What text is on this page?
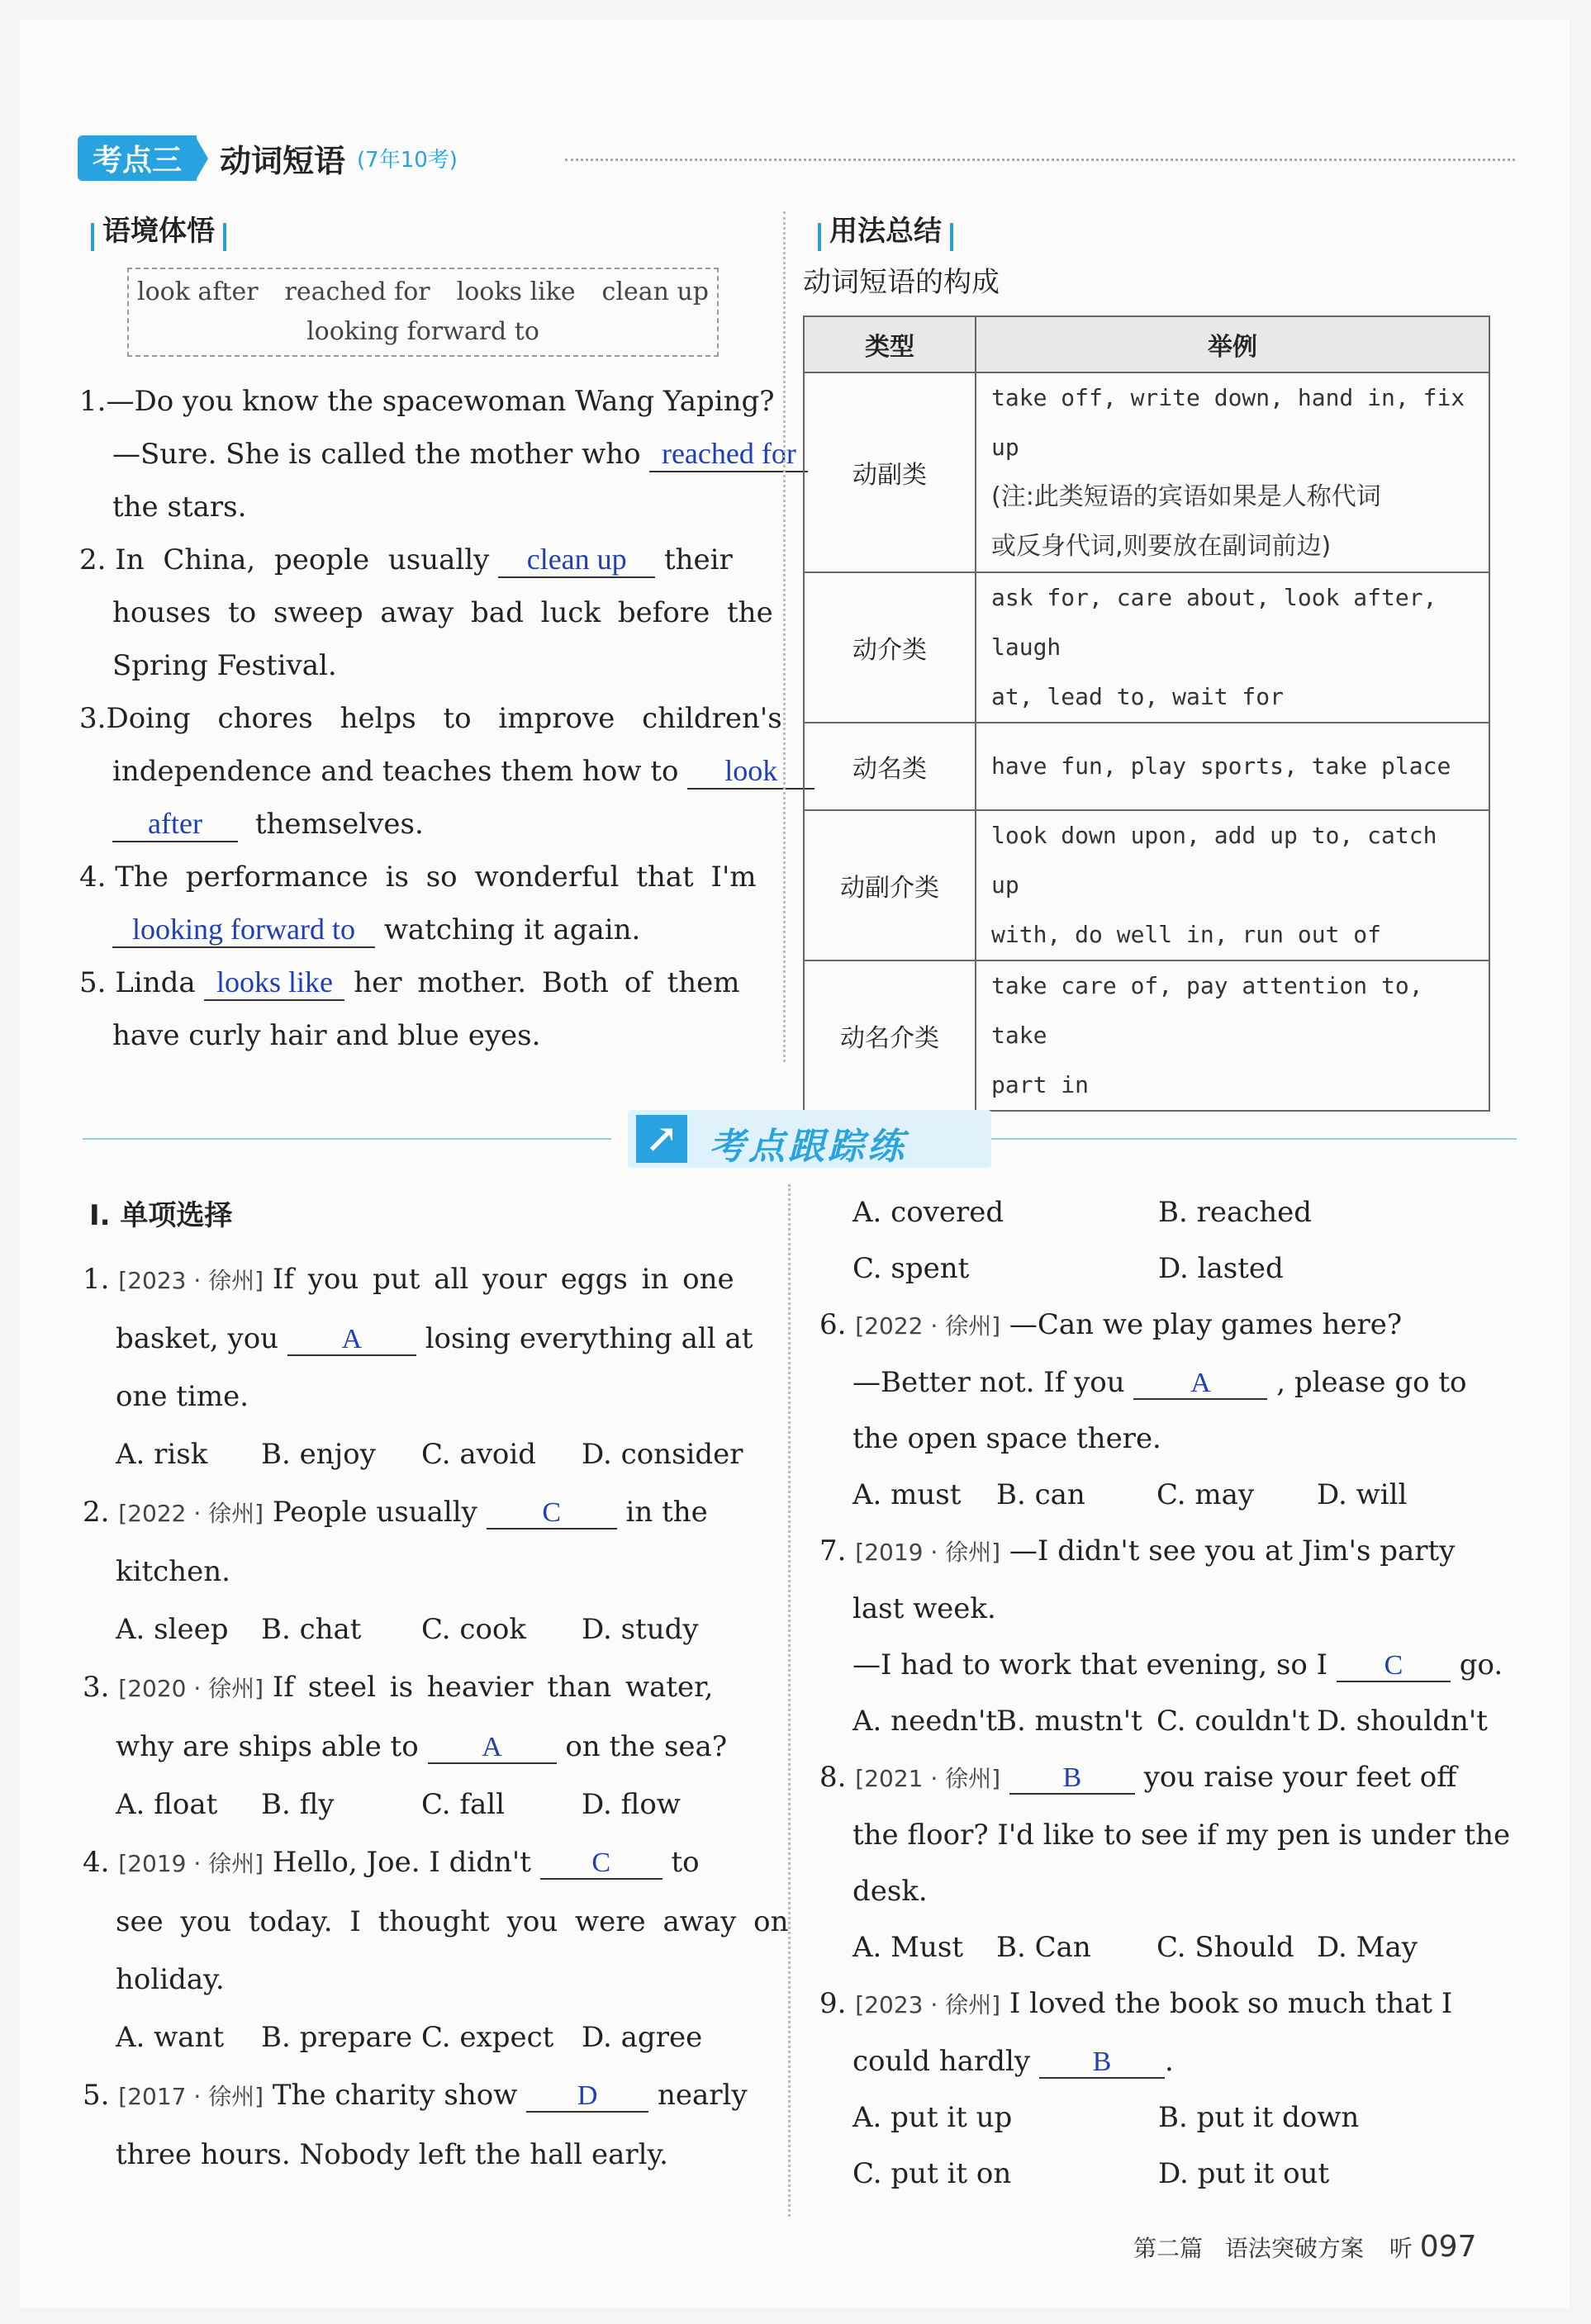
考点三	动词短语 (7年10考)
语境体悟
look after reached for looks like clean up
looking forward to
1.—Do you know the spacewoman Wang Yaping?
—Sure. She is called the mother who reached for
the stars.
2. In China, people usually clean up their
houses to sweep away bad luck before the
Spring Festival.
3.Doing chores helps to improve children's
independence and teaches them how to look
after themselves.
4. The performance is so wonderful that I'm
looking forward to watching it again.
5. Linda looks like her mother. Both of them
have curly hair and blue eyes.
用法总结
动词短语的构成
类型	举例
动副类	take off, write down, hand in, fix up
(注:此类短语的宾语如果是人称代词
或反身代词,则要放在副词前边)

动介类	ask for, care about, look after, laugh
at, lead to, wait for

动名类	have fun, play sports, take place
动副介类	look down upon, add up to, catch up
with, do well in, run out of

动名介类	take care of, pay attention to, take
part in
↗ 考点跟踪练
Ⅰ. 单项选择
1. [2023 · 徐州] If you put all your eggs in one
basket, you A losing everything all at
one time.
A. risk B. enjoy C. avoid D. consider
2. [2022 · 徐州] People usually C in the
kitchen.
A. sleep B. chat C. cook D. study
3. [2020 · 徐州] If steel is heavier than water,
why are ships able to A on the sea?
A. float B. fly	C. fall	D. flow
4. [2019 · 徐州] Hello, Joe. I didn't C to
see you today. I thought you were away on
holiday.
A. want B. prepare C. expect D. agree
5. [2017 · 徐州] The charity show D nearly
three hours. Nobody left the hall early.
A. covered	B. reached
C. spent	D. lasted
6. [2022 · 徐州] —Can we play games here?
—Better not. If you A , please go to
the open space there.
A. must B. can	C. may D. will
7. [2019 · 徐州] —I didn't see you at Jim's party
last week.
—I had to work that evening, so I C go.
A. needn'tB. mustn't C. couldn't D. shouldn't
8. [2021 · 徐州] B you raise your feet off
the floor? I'd like to see if my pen is under the
desk.
A. Must B. Can C. Should D. May
9. [2023 · 徐州] I loved the book so much that I
could hardly B .
A. put it up	B. put it down
C. put it on	D. put it out
第二篇 语法突破方案 听 097
